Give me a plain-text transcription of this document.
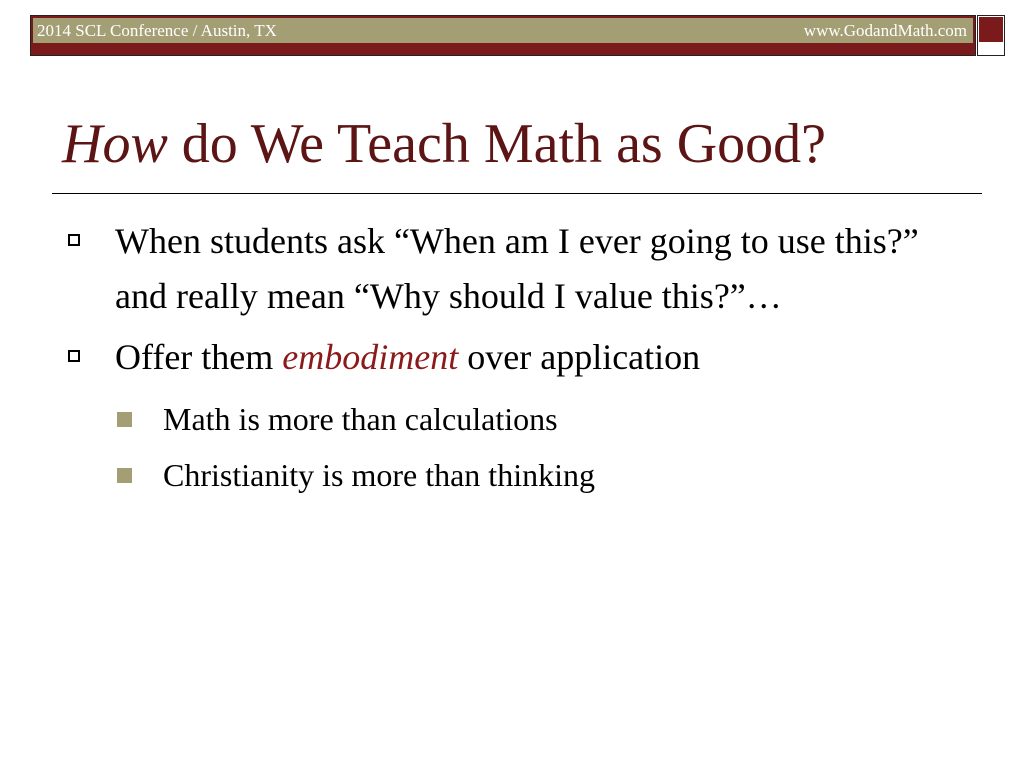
2014 SCL Conference / Austin, TX	www.GodandMath.com
How do We Teach Math as Good?
When students ask “When am I ever going to use this?” and really mean “Why should I value this?”…
Offer them embodiment over application
Math is more than calculations
Christianity is more than thinking
